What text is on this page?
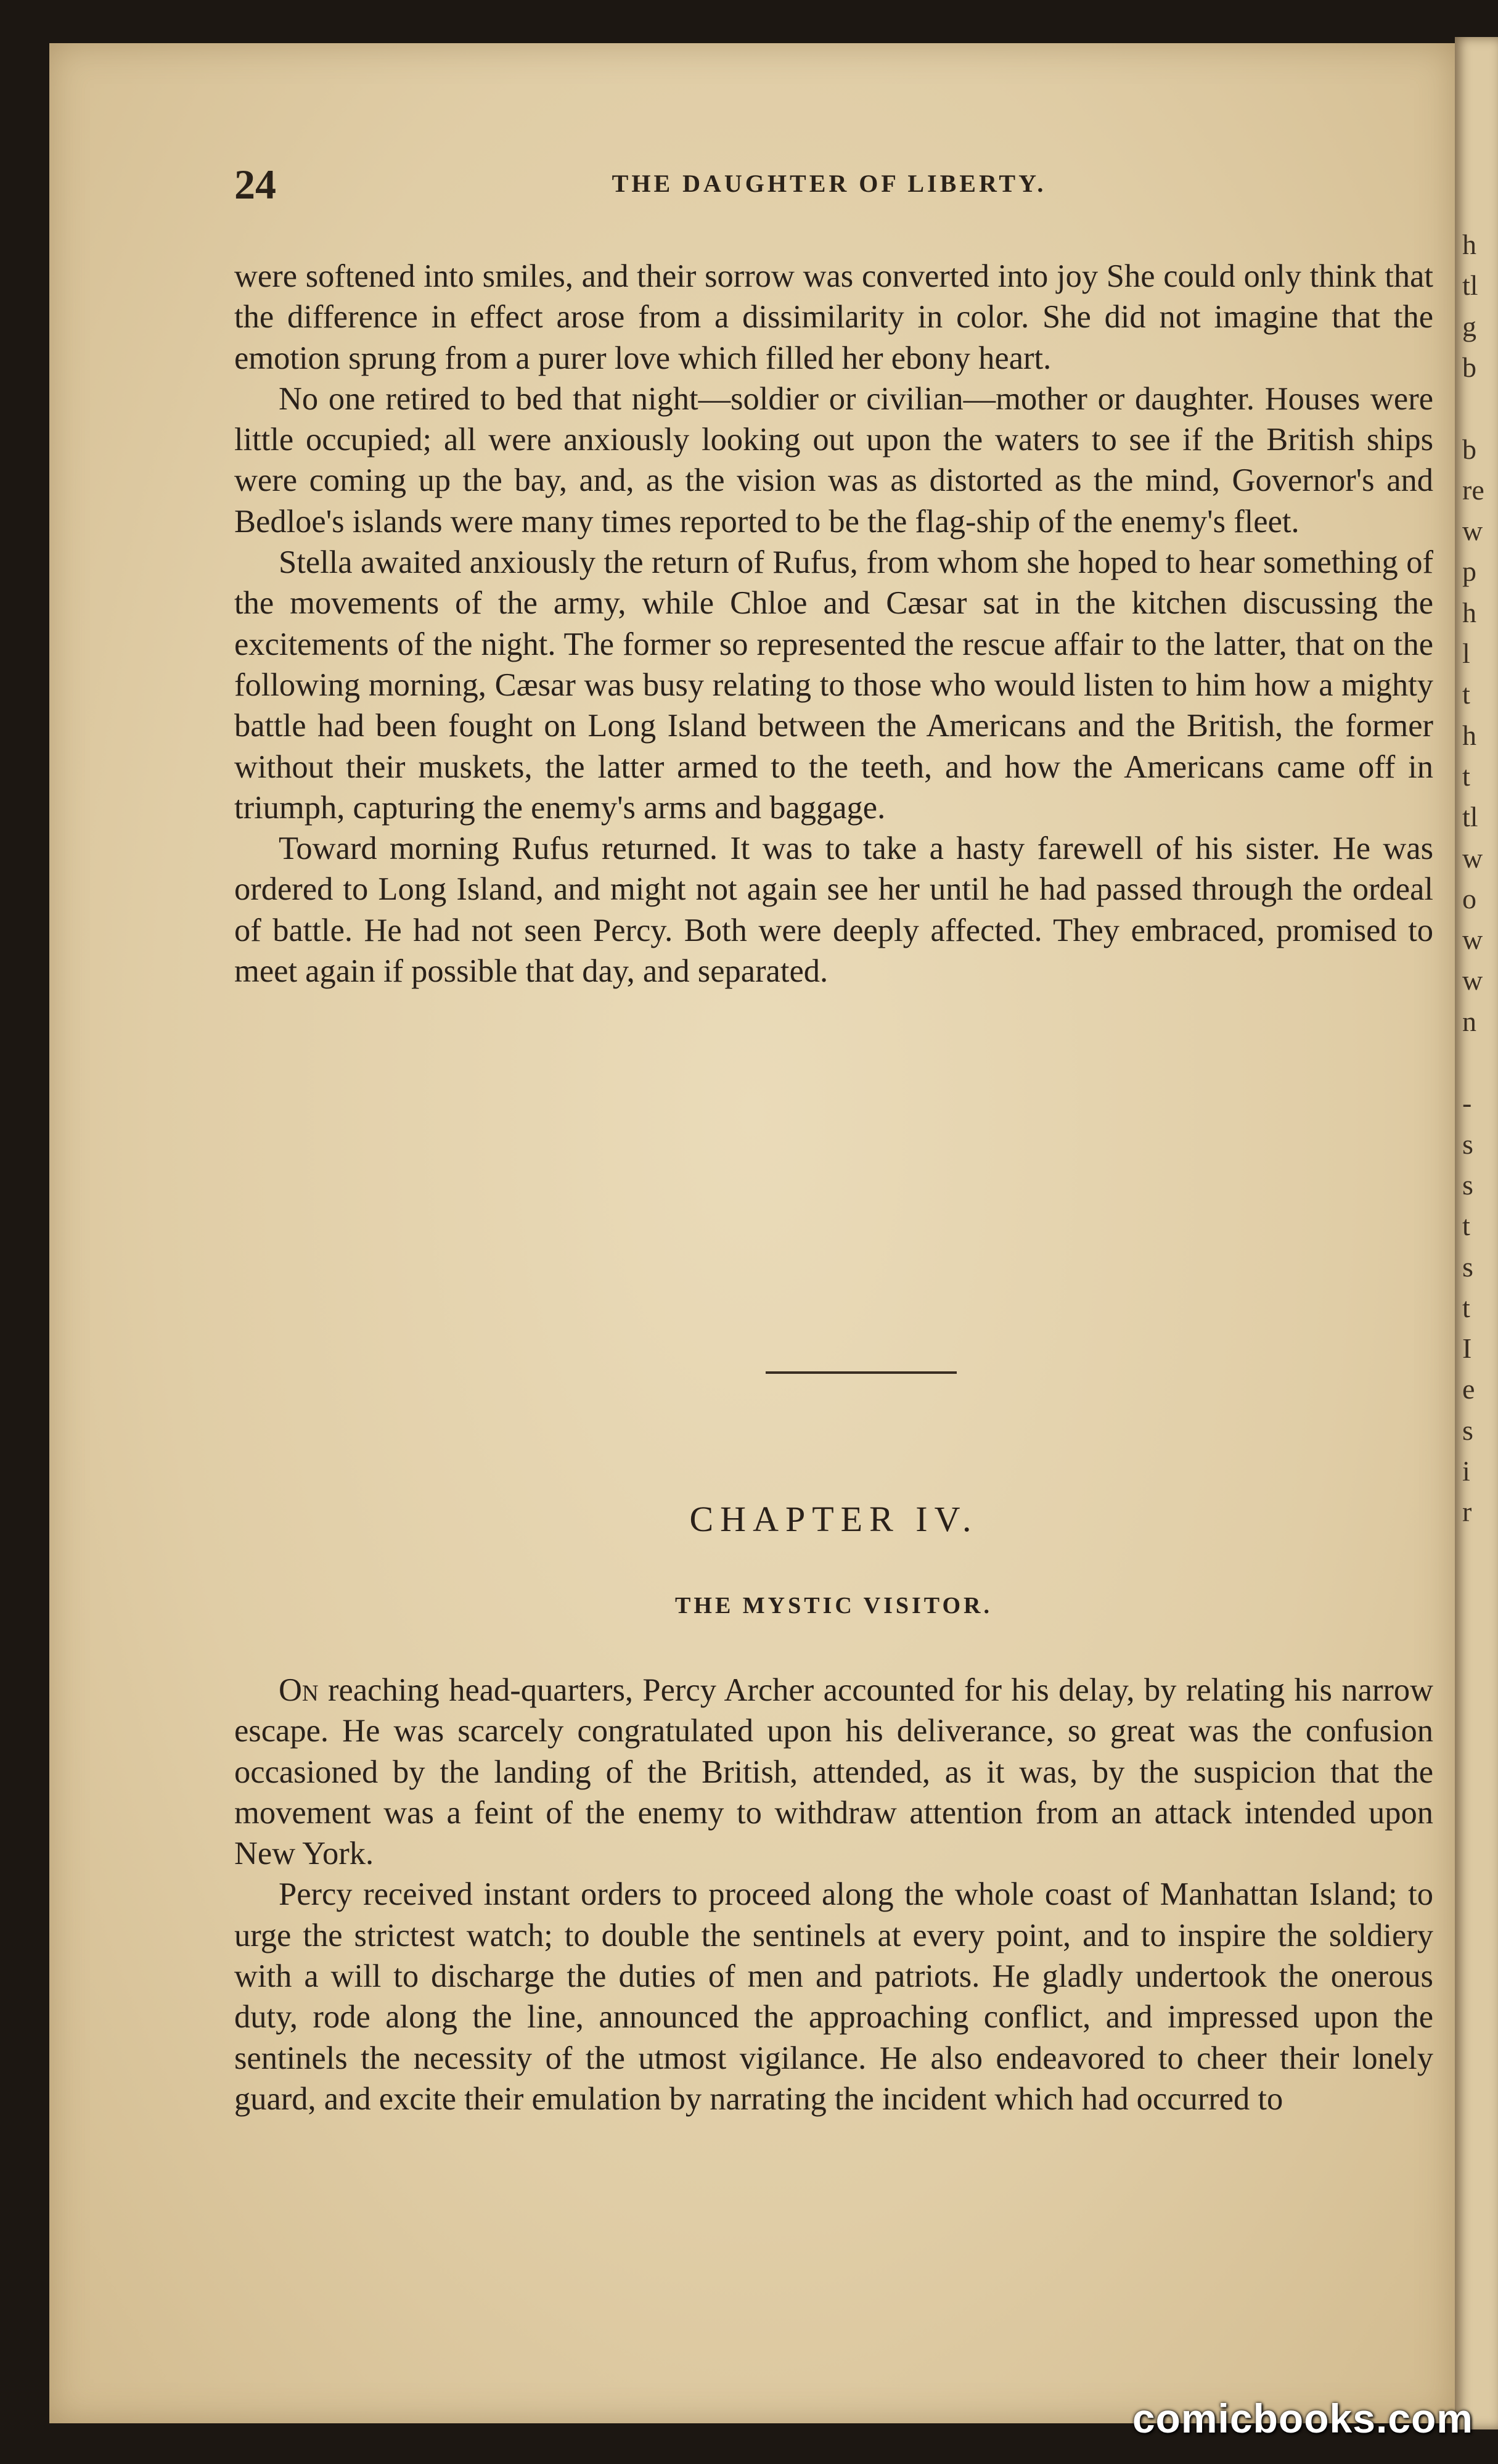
24	THE DAUGHTER OF LIBERTY.

were softened into smiles, and their sorrow was converted into joy She could only think that the difference in effect arose from a dissimilarity in color. She did not imagine that the emotion sprung from a purer love which filled her ebony heart.

No one retired to bed that night—soldier or civilian—mother or daughter. Houses were little occupied; all were anxiously looking out upon the waters to see if the British ships were coming up the bay, and, as the vision was as distorted as the mind, Governor's and Bedloe's islands were many times reported to be the flag-ship of the enemy's fleet.

Stella awaited anxiously the return of Rufus, from whom she hoped to hear something of the movements of the army, while Chloe and Cæsar sat in the kitchen discussing the excitements of the night. The former so represented the rescue affair to the latter, that on the following morning, Cæsar was busy relating to those who would listen to him how a mighty battle had been fought on Long Island between the Americans and the British, the former without their muskets, the latter armed to the teeth, and how the Americans came off in triumph, capturing the enemy's arms and baggage.

Toward morning Rufus returned. It was to take a hasty farewell of his sister. He was ordered to Long Island, and might not again see her until he had passed through the ordeal of battle. He had not seen Percy. Both were deeply affected. They embraced, promised to meet again if possible that day, and separated.

CHAPTER IV.
THE MYSTIC VISITOR.

On reaching head-quarters, Percy Archer accounted for his delay, by relating his narrow escape. He was scarcely congratulated upon his deliverance, so great was the confusion occasioned by the landing of the British, attended, as it was, by the suspicion that the movement was a feint of the enemy to withdraw attention from an attack intended upon New York.

Percy received instant orders to proceed along the whole coast of Manhattan Island; to urge the strictest watch; to double the sentinels at every point, and to inspire the soldiery with a will to discharge the duties of men and patriots. He gladly undertook the onerous duty, rode along the line, announced the approaching conflict, and impressed upon the sentinels the necessity of the utmost vigilance. He also endeavored to cheer their lonely guard, and excite their emulation by narrating the incident which had occurred to

h
tl
g
b
b
re
w
p
h
l
t
h
t
tl
w
o
w
w
n
-
s
s
t
s
t
I
e
s
i
r
comicbooks.com
